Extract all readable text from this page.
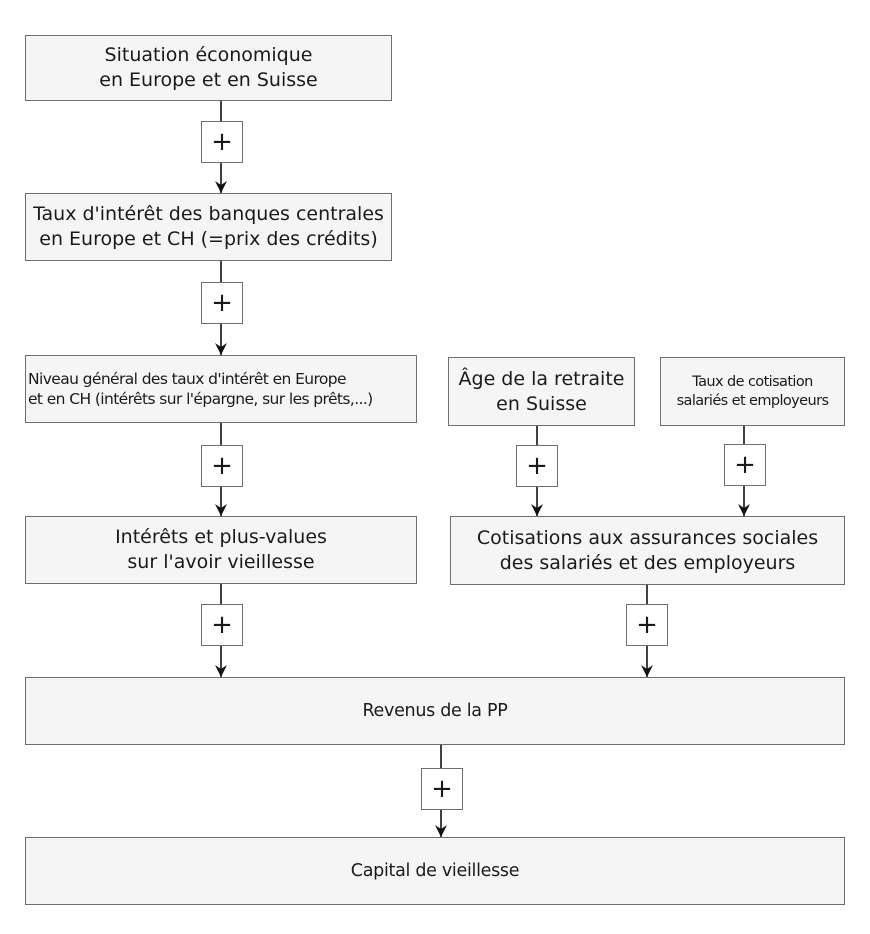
Situation économique
en Europe et en Suisse
Taux d'intérêt des banques centrales
en Europe et CH (=prix des crédits)
Niveau général des taux d'intérêt en Europe
et en CH (intérêts sur l'épargne, sur les prêts,...)
Âge de la retraite
en Suisse
Taux de cotisation
salariés et employeurs
Intérêts et plus-values
sur l'avoir vieillesse
Cotisations aux assurances sociales
des salariés et des employeurs
Revenus de la PP
Capital de vieillesse
+
+
+	+	+
+	+
+
